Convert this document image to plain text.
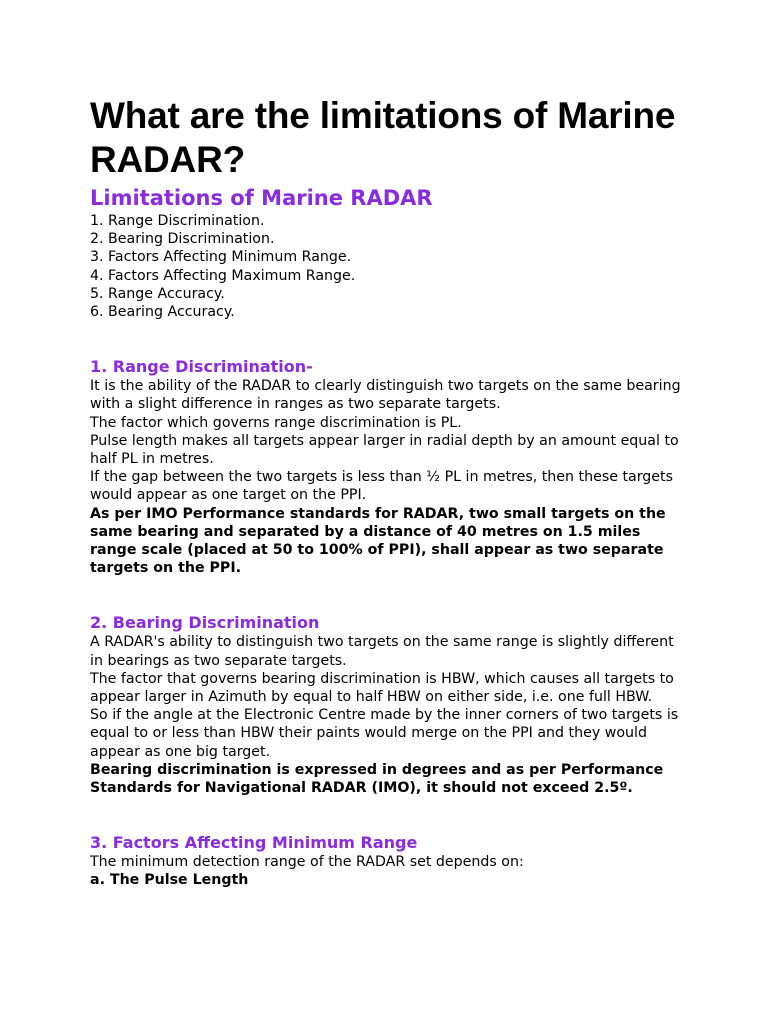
What are the limitations of Marine RADAR?
Limitations of Marine RADAR
1. Range Discrimination.
2. Bearing Discrimination.
3. Factors Affecting Minimum Range.
4. Factors Affecting Maximum Range.
5. Range Accuracy.
6. Bearing Accuracy.
1. Range Discrimination-

It is the ability of the RADAR to clearly distinguish two targets on the same bearing with a slight difference in ranges as two separate targets.

The factor which governs range discrimination is PL.

Pulse length makes all targets appear larger in radial depth by an amount equal to half PL in metres.

If the gap between the two targets is less than ½ PL in metres, then these targets would appear as one target on the PPI.

As per IMO Performance standards for RADAR, two small targets on the same bearing and separated by a distance of 40 metres on 1.5 miles range scale (placed at 50 to 100% of PPI), shall appear as two separate targets on the PPI.

2. Bearing Discrimination

A RADAR's ability to distinguish two targets on the same range is slightly different in bearings as two separate targets.

The factor that governs bearing discrimination is HBW, which causes all targets to appear larger in Azimuth by equal to half HBW on either side, i.e. one full HBW.

So if the angle at the Electronic Centre made by the inner corners of two targets is equal to or less than HBW their paints would merge on the PPI and they would appear as one big target.

Bearing discrimination is expressed in degrees and as per Performance Standards for Navigational RADAR (IMO), it should not exceed 2.5º.

3. Factors Affecting Minimum Range

The minimum detection range of the RADAR set depends on:

a. The Pulse Length
